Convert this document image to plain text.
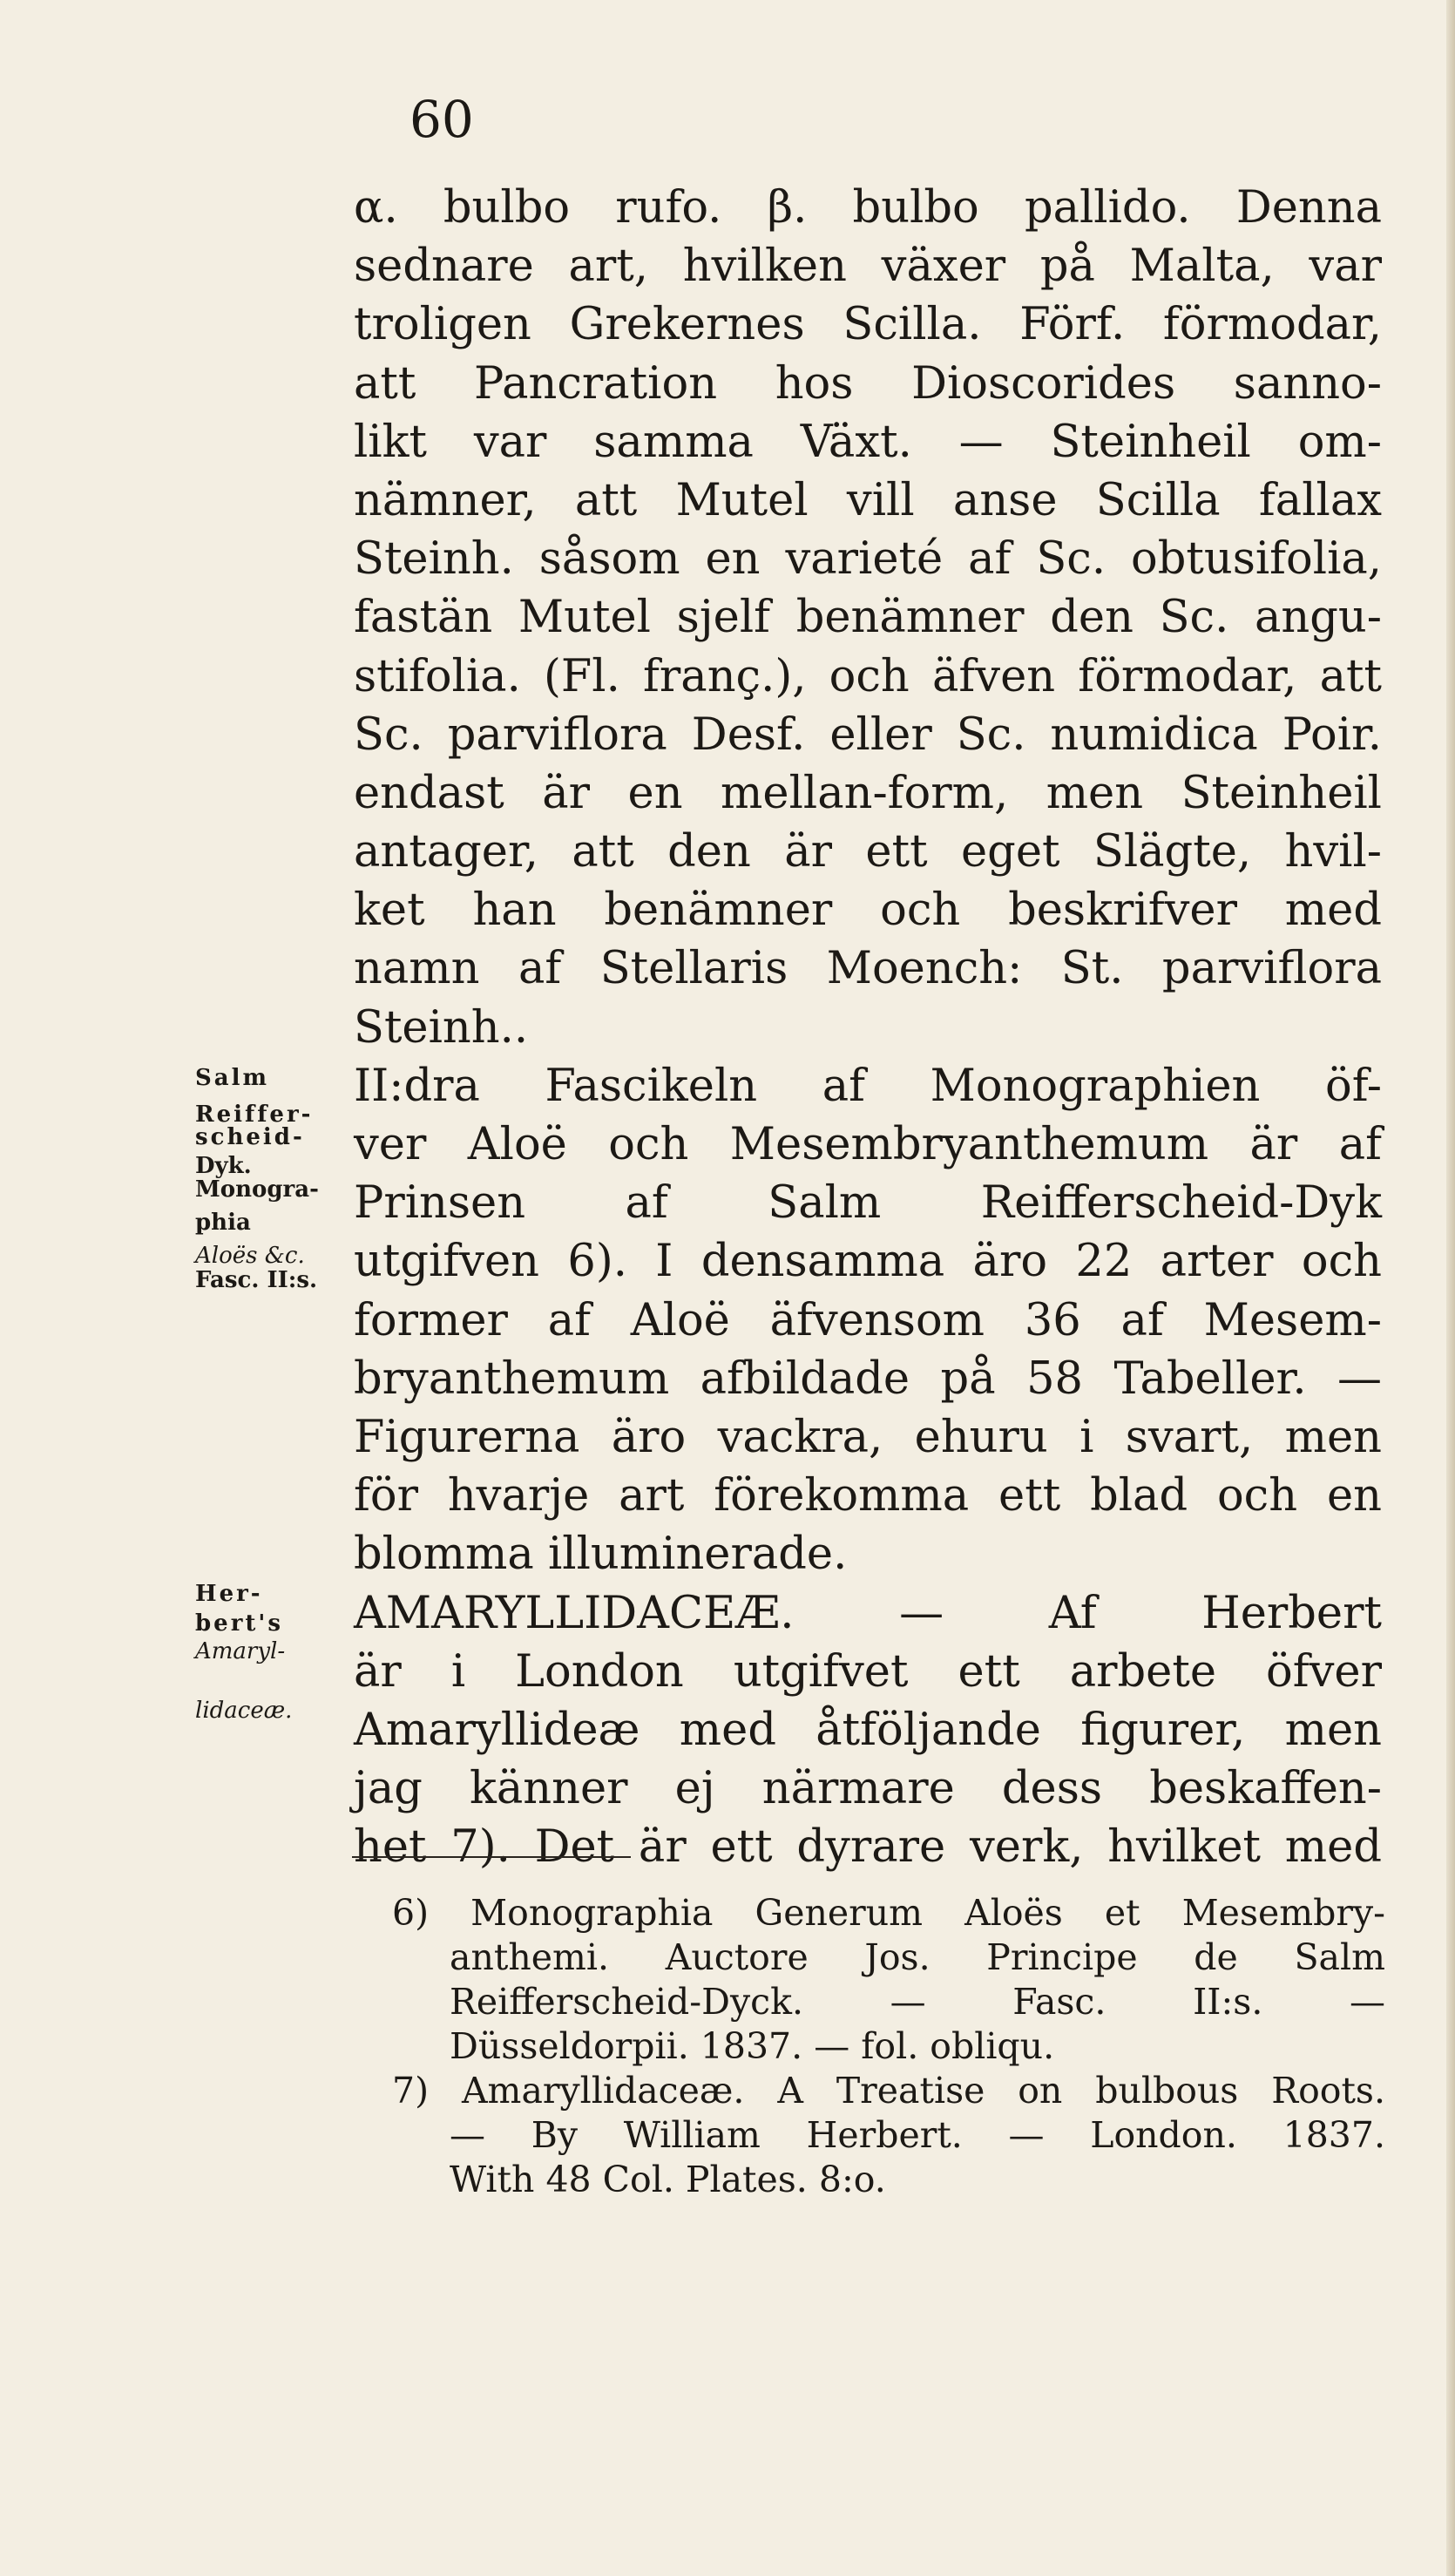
60
α. bulbo rufo. β. bulbo pallido. Denna
sednare art, hvilken växer på Malta, var
troligen Grekernes Scilla. Förf. förmodar,
att Pancration hos Dioscorides sanno-
likt var samma Växt. — Steinheil om-
nämner, att Mutel vill anse Scilla fallax
Steinh. såsom en varieté af Sc. obtusifolia,
fastän Mutel sjelf benämner den Sc. angu-
stifolia. (Fl. franç.), och äfven förmodar, att
Sc. parviflora Desf. eller Sc. numidica Poir.
endast är en mellan-form, men Steinheil
antager, att den är ett eget Slägte, hvil-
ket han benämner och beskrifver med
namn af Stellaris Moench: St. parviflora
Steinh..
II:dra Fascikeln af Monographien öf-
ver Aloë och Mesembryanthemum är af
Prinsen af Salm Reifferscheid-Dyk
utgifven 6). I densamma äro 22 arter och
former af Aloë äfvensom 36 af Mesem-
bryanthemum afbildade på 58 Tabeller. —
Figurerna äro vackra, ehuru i svart, men
för hvarje art förekomma ett blad och en
blomma illuminerade.
AMARYLLIDACEÆ. — Af Herbert
är i London utgifvet ett arbete öfver
Amaryllideæ med åtföljande figurer, men
jag känner ej närmare dess beskaffen-
het 7). Det är ett dyrare verk, hvilket med
Salm
Reiffer-
scheid-
Dyk.
Monogra-
phia
Aloës &c.
Fasc. II:s.
Her-
bert's
Amaryl-
lidaceæ.
6) Monographia Generum Aloës et Mesembry-
anthemi. Auctore Jos. Principe de Salm
Reifferscheid-Dyck. — Fasc. II:s. —
Düsseldorpii. 1837. — fol. obliqu.
7) Amaryllidaceæ. A Treatise on bulbous Roots.
— By William Herbert. — London. 1837.
With 48 Col. Plates. 8:o.
